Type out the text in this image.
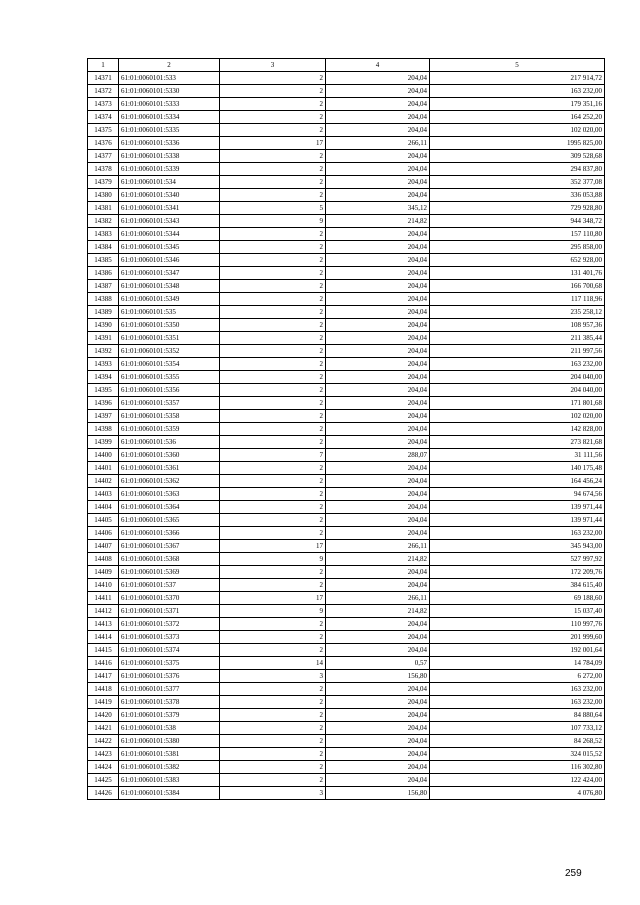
1	2	3	4	5
14371	61:01:0060101:533	2	204,04	217 914,72
14372	61:01:0060101:5330	2	204,04	163 232,00
14373	61:01:0060101:5333	2	204,04	179 351,16
14374	61:01:0060101:5334	2	204,04	164 252,20
14375	61:01:0060101:5335	2	204,04	102 020,00
14376	61:01:0060101:5336	17	266,11	1995 825,00
14377	61:01:0060101:5338	2	204,04	309 528,68
14378	61:01:0060101:5339	2	204,04	294 837,80
14379	61:01:0060101:534	2	204,04	352 377,08
14380	61:01:0060101:5340	2	204,04	336 053,88
14381	61:01:0060101:5341	5	345,12	729 928,80
14382	61:01:0060101:5343	9	214,82	944 348,72
14383	61:01:0060101:5344	2	204,04	157 110,80
14384	61:01:0060101:5345	2	204,04	295 858,00
14385	61:01:0060101:5346	2	204,04	652 928,00
14386	61:01:0060101:5347	2	204,04	131 401,76
14387	61:01:0060101:5348	2	204,04	166 700,68
14388	61:01:0060101:5349	2	204,04	117 118,96
14389	61:01:0060101:535	2	204,04	235 258,12
14390	61:01:0060101:5350	2	204,04	108 957,36
14391	61:01:0060101:5351	2	204,04	211 385,44
14392	61:01:0060101:5352	2	204,04	211 997,56
14393	61:01:0060101:5354	2	204,04	163 232,00
14394	61:01:0060101:5355	2	204,04	204 040,00
14395	61:01:0060101:5356	2	204,04	204 040,00
14396	61:01:0060101:5357	2	204,04	171 801,68
14397	61:01:0060101:5358	2	204,04	102 020,00
14398	61:01:0060101:5359	2	204,04	142 828,00
14399	61:01:0060101:536	2	204,04	273 821,68
14400	61:01:0060101:5360	7	288,07	31 111,56
14401	61:01:0060101:5361	2	204,04	140 175,48
14402	61:01:0060101:5362	2	204,04	164 456,24
14403	61:01:0060101:5363	2	204,04	94 674,56
14404	61:01:0060101:5364	2	204,04	139 971,44
14405	61:01:0060101:5365	2	204,04	139 971,44
14406	61:01:0060101:5366	2	204,04	163 232,00
14407	61:01:0060101:5367	17	266,11	345 943,00
14408	61:01:0060101:5368	9	214,82	527 997,92
14409	61:01:0060101:5369	2	204,04	172 209,76
14410	61:01:0060101:537	2	204,04	384 615,40
14411	61:01:0060101:5370	17	266,11	69 188,60
14412	61:01:0060101:5371	9	214,82	15 037,40
14413	61:01:0060101:5372	2	204,04	110 997,76
14414	61:01:0060101:5373	2	204,04	201 999,60
14415	61:01:0060101:5374	2	204,04	192 001,64
14416	61:01:0060101:5375	14	0,57	14 784,09
14417	61:01:0060101:5376	3	156,80	6 272,00
14418	61:01:0060101:5377	2	204,04	163 232,00
14419	61:01:0060101:5378	2	204,04	163 232,00
14420	61:01:0060101:5379	2	204,04	84 880,64
14421	61:01:0060101:538	2	204,04	107 733,12
14422	61:01:0060101:5380	2	204,04	84 268,52
14423	61:01:0060101:5381	2	204,04	324 015,52
14424	61:01:0060101:5382	2	204,04	116 302,80
14425	61:01:0060101:5383	2	204,04	122 424,00
14426	61:01:0060101:5384	3	156,80	4 076,80
259
